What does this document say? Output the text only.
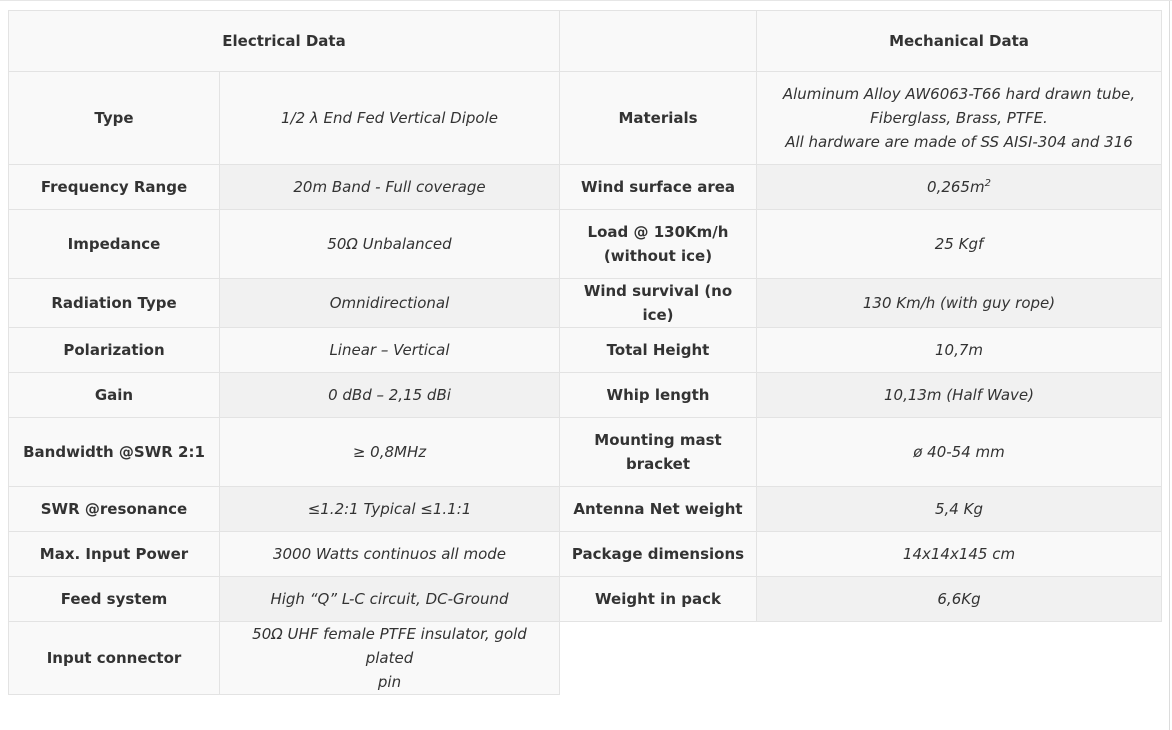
Electrical Data			Mechanical Data
Type	1/2 λ End Fed Vertical Dipole	Materials	Aluminum Alloy AW6063-T66 hard drawn tube,
Fiberglass, Brass, PTFE.
All hardware are made of SS AISI-304 and 316
Frequency Range	20m Band - Full coverage	Wind surface area	$0,265m^2$
Impedance	50Ω Unbalanced	Load @ 130Km/h
(without ice)	25 Kgf
Radiation Type	Omnidirectional	Wind survival (no ice)	130 Km/h (with guy rope)
Polarization	Linear – Vertical	Total Height	10,7m
Gain	0 dBd – 2,15 dBi	Whip length	10,13m (Half Wave)
Bandwidth @SWR 2:1	≥ 0,8MHz	Mounting mast
bracket	ø 40-54 mm
SWR @resonance	≤1.2:1 Typical ≤1.1:1	Antenna Net weight	5,4 Kg
Max. Input Power	3000 Watts continuos all mode	Package dimensions	14x14x145 cm
Feed system	High “Q” L-C circuit, DC-Ground	Weight in pack	6,6Kg
Input connector	50Ω UHF female PTFE insulator, gold plated
pin		
